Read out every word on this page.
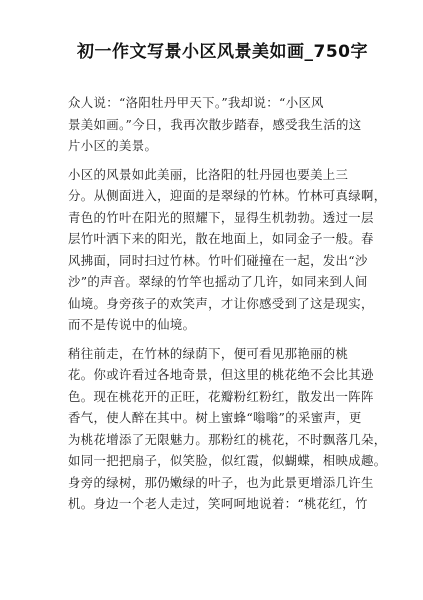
初一作文写景小区风景美如画_750字

众人说：“洛阳牡丹甲天下。”我却说：“小区风
景美如画。”今日，我再次散步踏春，感受我生活的这
片小区的美景。

小区的风景如此美丽，比洛阳的牡丹园也要美上三
分。从侧面进入，迎面的是翠绿的竹林。竹林可真绿啊，
青色的竹叶在阳光的照耀下，显得生机勃勃。透过一层
层竹叶洒下来的阳光，散在地面上，如同金子一般。春
风拂面，同时扫过竹林。竹叶们碰撞在一起，发出“沙
沙”的声音。翠绿的竹竿也摇动了几许，如同来到人间
仙境。身旁孩子的欢笑声，才让你感受到了这是现实，
而不是传说中的仙境。

稍往前走，在竹林的绿荫下，便可看见那艳丽的桃
花。你或许看过各地奇景，但这里的桃花绝不会比其逊
色。现在桃花开的正旺，花瓣粉红粉红，散发出一阵阵
香气，使人醉在其中。树上蜜蜂“嗡嗡”的采蜜声，更
为桃花增添了无限魅力。那粉红的桃花，不时飘落几朵，
如同一把把扇子，似笑脸，似红霞，似蝴蝶，相映成趣。
身旁的绿树，那仍嫩绿的叶子，也为此景更增添几许生
机。身边一个老人走过，笑呵呵地说着：“桃花红，竹
